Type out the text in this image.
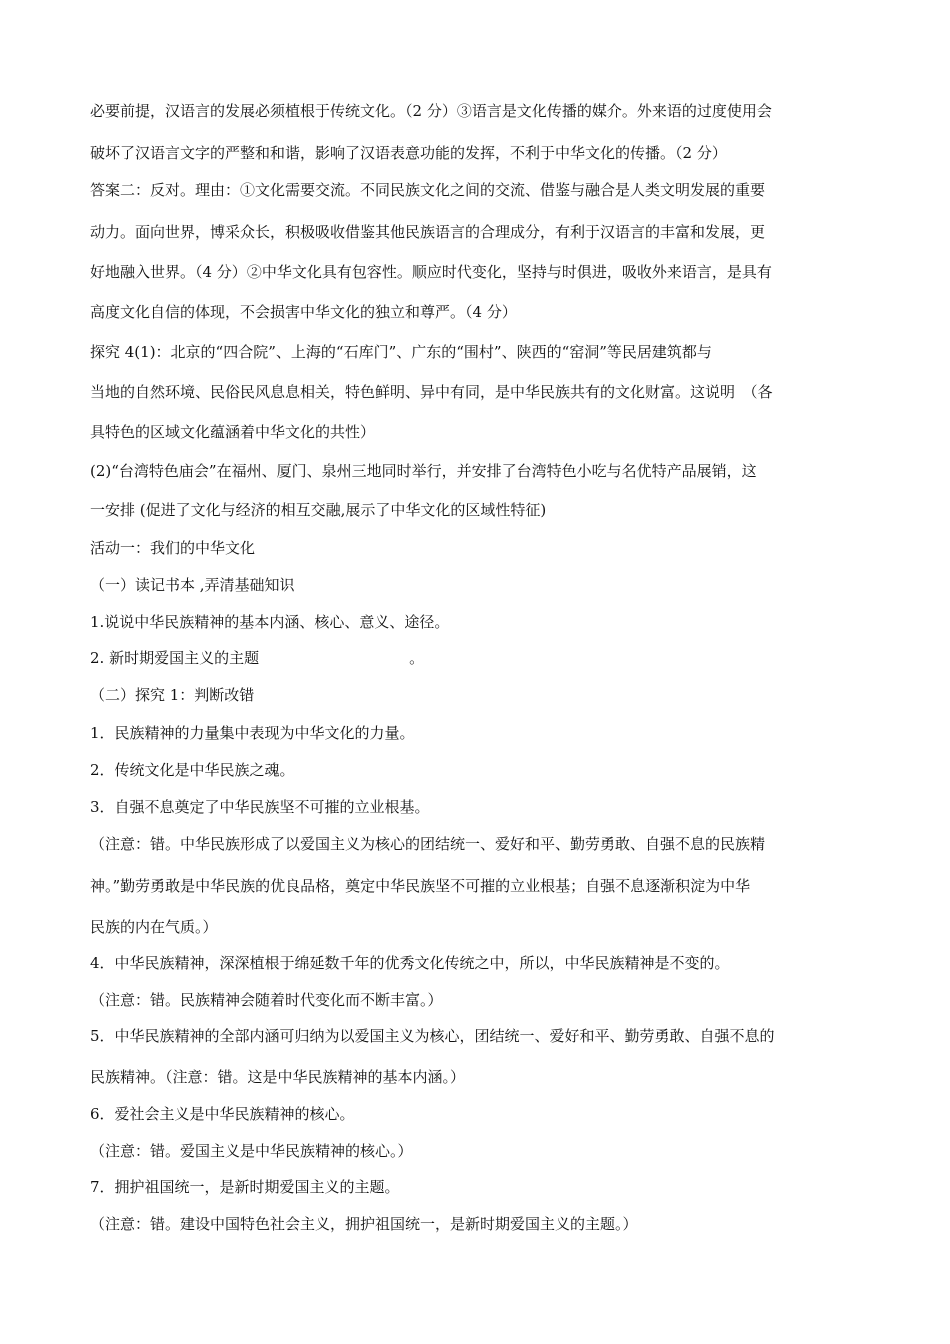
必要前提，汉语言的发展必须植根于传统文化。（2 分）③语言是文化传播的媒介。外来语的过度使用会
破坏了汉语言文字的严整和和谐，影响了汉语表意功能的发挥，不利于中华文化的传播。（2 分）
答案二：反对。理由：①文化需要交流。不同民族文化之间的交流、借鉴与融合是人类文明发展的重要
动力。面向世界，博采众长，积极吸收借鉴其他民族语言的合理成分，有利于汉语言的丰富和发展，更
好地融入世界。（4 分）②中华文化具有包容性。顺应时代变化，坚持与时俱进，吸收外来语言，是具有
高度文化自信的体现，不会损害中华文化的独立和尊严。（4 分）
探究 4(1)：北京的“四合院”、上海的“石库门”、广东的“围村”、陕西的“窑洞”等民居建筑都与
当地的自然环境、民俗民风息息相关，特色鲜明、异中有同，是中华民族共有的文化财富。这说明　（各
具特色的区域文化蕴涵着中华文化的共性）
(2)“台湾特色庙会”在福州、厦门、泉州三地同时举行，并安排了台湾特色小吃与名优特产品展销，这
一安排 (促进了文化与经济的相互交融,展示了中华文化的区域性特征)
活动一：我们的中华文化
（一）读记书本 ,弄清基础知识
1.说说中华民族精神的基本内涵、核心、意义、途径。
2. 新时期爱国主义的主题	。
（二）探究 1：判断改错
1．民族精神的力量集中表现为中华文化的力量。
2．传统文化是中华民族之魂。
3．自强不息奠定了中华民族坚不可摧的立业根基。
（注意：错。中华民族形成了以爱国主义为核心的团结统一、爱好和平、勤劳勇敢、自强不息的民族精
神。”勤劳勇敢是中华民族的优良品格，奠定中华民族坚不可摧的立业根基；自强不息逐渐积淀为中华
民族的内在气质。）
4．中华民族精神，深深植根于绵延数千年的优秀文化传统之中，所以，中华民族精神是不变的。
（注意：错。民族精神会随着时代变化而不断丰富。）
5．中华民族精神的全部内涵可归纳为以爱国主义为核心，团结统一、爱好和平、勤劳勇敢、自强不息的
民族精神。（注意：错。这是中华民族精神的基本内涵。）
6．爱社会主义是中华民族精神的核心。
（注意：错。爱国主义是中华民族精神的核心。）
7．拥护祖国统一，是新时期爱国主义的主题。
（注意：错。建设中国特色社会主义，拥护祖国统一，是新时期爱国主义的主题。）
